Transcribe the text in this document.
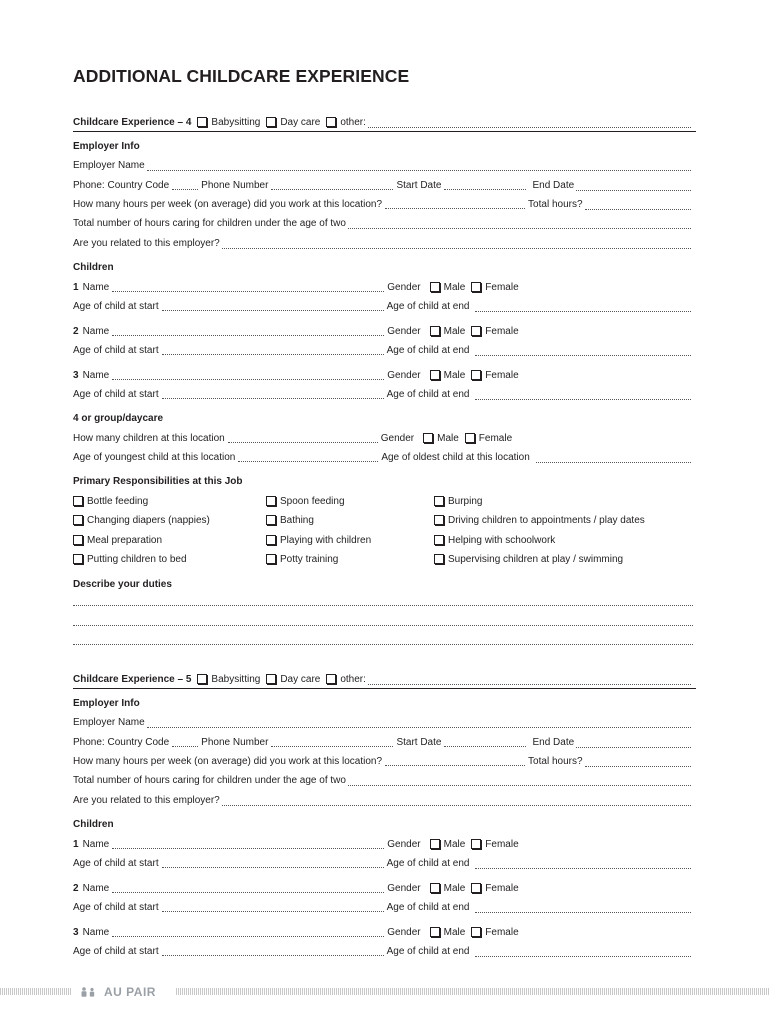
ADDITIONAL CHILDCARE EXPERIENCE
Childcare Experience – 4 Babysitting Day care other:
Employer Info
Employer Name
Phone: Country Code	Phone Number	Start Date	End Date
How many hours per week (on average) did you work at this location?	Total hours?
Total number of hours caring for children under the age of two
Are you related to this employer?
Children
1 Name	Gender Male Female
Age of child at start	Age of child at end
2 Name	Gender Male Female
Age of child at start	Age of child at end
3 Name	Gender Male Female
Age of child at start	Age of child at end
4 or group/daycare
How many children at this location	Gender Male Female
Age of youngest child at this location	Age of oldest child at this location
Primary Responsibilities at this Job
Bottle feeding	Spoon feeding	Burping
Changing diapers (nappies)	Bathing	Driving children to appointments / play dates
Meal preparation	Playing with children	Helping with schoolwork
Putting children to bed	Potty training	Supervising children at play / swimming
Describe your duties
Childcare Experience – 5 Babysitting Day care other:
Employer Info
Employer Name
Phone: Country Code	Phone Number	Start Date	End Date
How many hours per week (on average) did you work at this location?	Total hours?
Total number of hours caring for children under the age of two
Are you related to this employer?
Children
1 Name	Gender Male Female
Age of child at start	Age of child at end
2 Name	Gender Male Female
Age of child at start	Age of child at end
3 Name	Gender Male Female
Age of child at start	Age of child at end
AU PAIR
